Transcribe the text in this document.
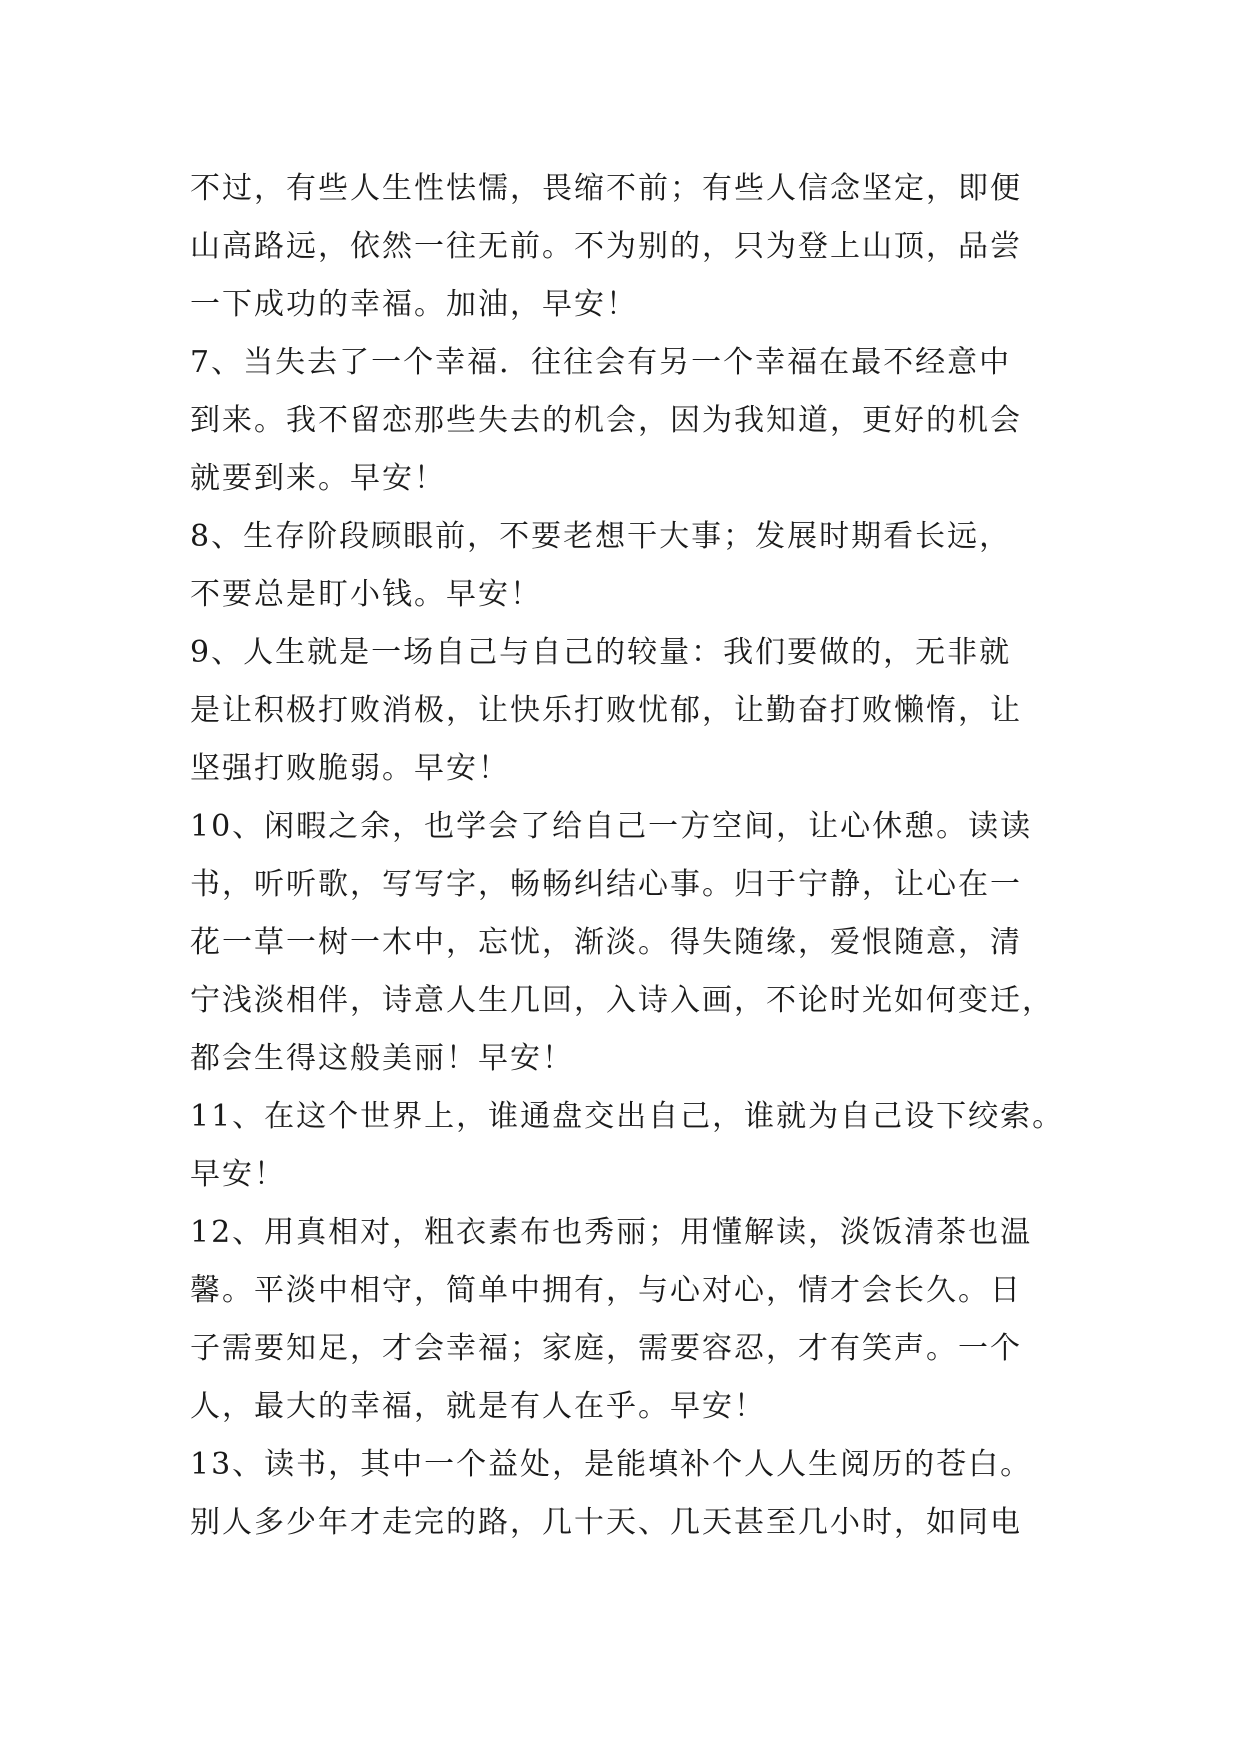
不过，有些人生性怯懦，畏缩不前；有些人信念坚定，即便
山高路远，依然一往无前。不为别的，只为登上山顶，品尝
一下成功的幸福。加油，早安！
7、当失去了一个幸福．往往会有另一个幸福在最不经意中
到来。我不留恋那些失去的机会，因为我知道，更好的机会
就要到来。早安！
8、生存阶段顾眼前，不要老想干大事；发展时期看长远，
不要总是盯小钱。早安！
9、人生就是一场自己与自己的较量：我们要做的，无非就
是让积极打败消极，让快乐打败忧郁，让勤奋打败懒惰，让
坚强打败脆弱。早安！
10、闲暇之余，也学会了给自己一方空间，让心休憩。读读
书，听听歌，写写字，畅畅纠结心事。归于宁静，让心在一
花一草一树一木中，忘忧，渐淡。得失随缘，爱恨随意，清
宁浅淡相伴，诗意人生几回，入诗入画，不论时光如何变迁，
都会生得这般美丽！早安！
11、在这个世界上，谁通盘交出自己，谁就为自己设下绞索。
早安！
12、用真相对，粗衣素布也秀丽；用懂解读，淡饭清茶也温
馨。平淡中相守，简单中拥有，与心对心，情才会长久。日
子需要知足，才会幸福；家庭，需要容忍，才有笑声。一个
人，最大的幸福，就是有人在乎。早安！
13、读书，其中一个益处，是能填补个人人生阅历的苍白。
别人多少年才走完的路，几十天、几天甚至几小时，如同电
